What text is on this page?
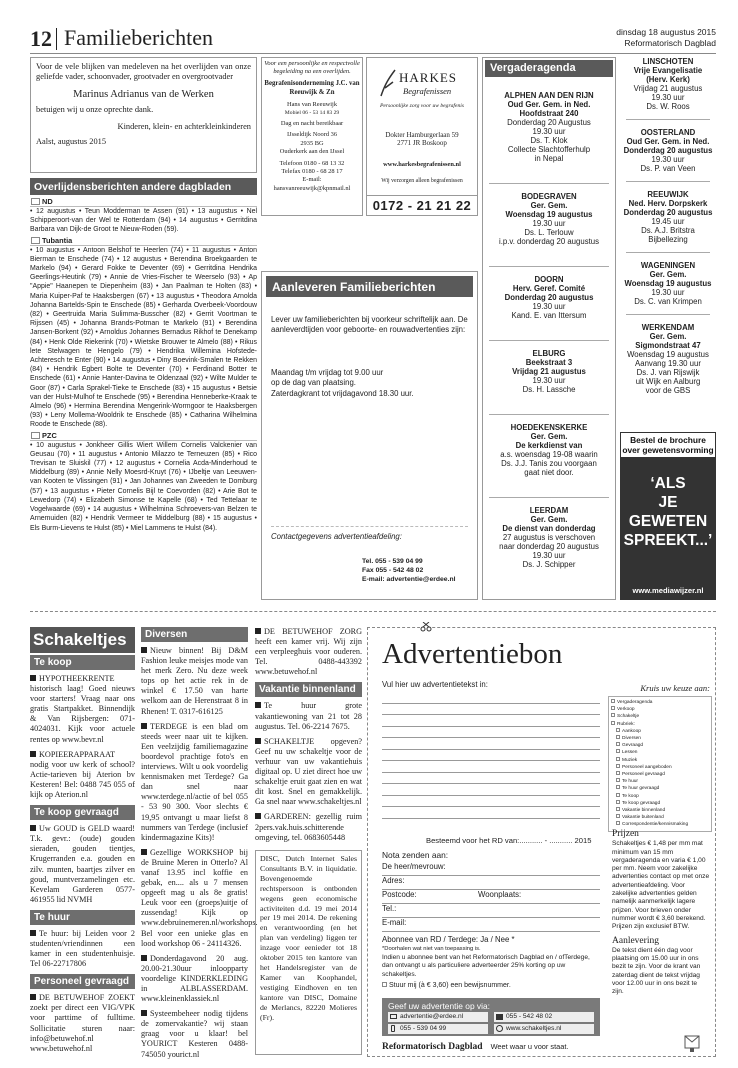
12 Familieberichten	dinsdag 18 augustus 2015
Reformatorisch Dagblad
Voor de vele blijken van medeleven na het overlijden van onze geliefde vader, schoonvader, grootvader en overgrootvader
Marinus Adrianus van de Werken
betuigen wij u onze oprechte dank.
Kinderen, klein- en achterkleinkinderen
Aalst, augustus 2015
Voor een persoonlijke en respectvolle begeleiding na een overlijden.
Begrafenisonderneming J.C. van Reeuwijk & Zn
Hans van Reeuwijk
Mobiel 06 - 53 14 83 29
Dag en nacht bereikbaar
IJsseldijk Noord 36
2935 BG
Ouderkerk aan den IJssel
Telefoon 0180 - 68 13 32
Telefax 0180 - 68 28 17
E-mail:
hansvanreeuwijk@kpnmail.nl
HARKES
Begrafenissen
Persoonlijke zorg voor uw begrafenis
Dokter Hamburgerlaan 59
2771 JR Boskoop
www.harkesbegrafenissen.nl
Wij verzorgen alleen begrafenissen
0172 - 21 21 22
Overlijdensberichten andere dagbladen
ND
• 12 augustus • Teun Modderman te Assen (91) • 13 augustus • Nel Schipperoort-van der Wel te Rotterdam (94) • 14 augustus • Gerritdina Barbara van Dijk-de Groot te Nieuw-Roden (59).
Tubantia
• 10 augustus • Antoon Belshof te Heerlen (74) • 11 augustus • Anton Bierman te Enschede (74) • 12 augustus • Berendina Broekgaarden te Markelo (94) • Gerard Fokke te Deventer (69) • Gerritdina Hendrika Geerlings-Heutink (79) • Annie de Vries-Fischer te Weerselo (93) • Ap "Appie" Haanepen te Diepenheim (83) • Jan Paalman te Holten (83) • Maria Kuiper-Paf te Haaksbergen (67) • 13 augustus • Theodora Arnolda Johanna Bartelds-Spin te Enschede (85) • Gerharda Overbeek-Voordouw (82) • Geertruida Maria Sulimma-Busscher (82) • Gerrit Voortman te Rijssen (45) • Johanna Brands-Potman te Markelo (91) • Berendina Jansen-Borkent (92) • Arnoldus Johannes Bernadus Rikhof te Denekamp (84) • Henk Olde Riekerink (70) • Wietske Brouwer te Almelo (88) • Rikus lete Stelwagen te Hengelo (79) • Hendrika Willemina Hofstede-Achteresch te Enter (90) • 14 augustus • Diny Boevink-Smalen te Rekken (84) • Hendrik Egbert Bolte te Deventer (70) • Ferdinand Botter te Enschede (61) • Annie Hanter-Davina te Oldenzaal (92) • Wilte Mulder te Goor (87) • Carla Sprakel-Tieke te Enschede (83) • 15 augustus • Betsie van der Hulst-Mulhof te Enschede (95) • Berendina Henneberke-Kraak te Almelo (96) • Hermina Berendina Mengerink-Wormgoor te Haaksbergen (93) • Leny Mollema-Wooldrik te Enschede (85) • Catharina Wilhelmina Roode te Enschede (88).
PZC
• 10 augustus • Jonkheer Gillis Wiert Willem Cornelis Valckenier van Geusau (70) • 11 augustus • Antonio Milazzo te Terneuzen (85) • Rico Trevisan te Sluiskil (77) • 12 augustus • Cornelia Acda-Minderhoud te Middelburg (89) • Annie Nelly Moesrd-Kruyt (76) • IJbeltje van Leeuwen-van Kooten te Vlissingen (91) • Jan Johannes van Zweeden te Domburg (57) • 13 augustus • Pieter Cornelis Bijl te Coevorden (82) • Arie Bot te Lewedorp (74) • Elizabeth Simonse te Kapelle (68) • Ted Tettelaar te Vogelwaarde (69) • 14 augustus • Wilhelmina Schroevers-van Belzen te Arnemuiden (82) • Hendrik Vermeer te Middelburg (88) • 15 augustus • Els Burm-Lievens te Hulst (85) • Miel Lammens te Hulst (84).
Aanleveren Familieberichten
Lever uw familieberichten bij voorkeur schriftelijk aan. De aanleverdtijden voor geboorte- en rouwadvertenties zijn:
Maandag t/m vrijdag tot 9.00 uur
op de dag van plaatsing.
Zaterdagkrant tot vrijdagavond 18.30 uur.
Contactgegevens advertentieafdeling:
Tel. 055 - 539 04 99
Fax 055 - 542 48 02
E-mail: advertentie@erdee.nl
Vergaderagenda
ALPHEN AAN DEN RIJN
Oud Ger. Gem. in Ned.
Hoofdstraat 240
Donderdag 20 Augustus
19.30 uur
Ds. T. Klok
Collecte Slachtofferhulp
in Nepal
BODEGRAVEN
Ger. Gem.
Woensdag 19 augustus
19.30 uur
Ds. L. Terlouw
i.p.v. donderdag 20 augustus
DOORN
Herv. Geref. Comité
Donderdag 20 augustus
19.30 uur
Kand. E. van Ittersum
ELBURG
Beekstraat 3
Vrijdag 21 augustus
19.30 uur
Ds. H. Lassche
HOEDEKENSKERKE
Ger. Gem.
De kerkdienst van
a.s. woensdag 19-08 waarin
Ds. J.J. Tanis zou voorgaan
gaat niet door.
LEERDAM
Ger. Gem.
De dienst van donderdag
27 augustus is verschoven
naar donderdag 20 augustus
19.30 uur
Ds. J. Schipper
LINSCHOTEN
Vrije Evangelisatie
(Herv. Kerk)
Vrijdag 21 augustus
19.30 uur
Ds. W. Roos
OOSTERLAND
Oud Ger. Gem. in Ned.
Donderdag 20 augustus
19.30 uur
Ds. P. van Veen
REEUWIJK
Ned. Herv. Dorpskerk
Donderdag 20 augustus
19.45 uur
Ds. A.J. Britstra
Bijbellezing
WAGENINGEN
Ger. Gem.
Woensdag 19 augustus
19.30 uur
Ds. C. van Krimpen
WERKENDAM
Ger. Gem.
Sigmondstraat 47
Woensdag 19 augustus
Aanvang 19.30 uur
Ds. J. van Rijswijk
uit Wijk en Aalburg
voor de GBS
Bestel de brochure
over gewetensvorming
‘ALS
JE
GEWETEN
SPREEKT...’
www.mediawijzer.nl
Schakeltjes
Te koop
HYPOTHEEKRENTE historisch laag! Goed nieuws voor starters! Vraag naar ons gratis Startpakket. Binnendijk & Van Rijsbergen: 071-4024031. Kijk voor actuele rentes op www.bevr.nl
KOPIEERAPPARAAT nodig voor uw kerk of school? Actie-tarieven bij Aterion bv Kesteren! Bel: 0488 745 055 of kijk op Aterion.nl
Te koop gevraagd
Uw GOUD is GELD waard! T.k. gevr.: (oude) gouden sieraden, gouden tientjes, Krugerranden e.a. gouden en zilv. munten, baartjes zilver en goud, muntverzamelingen etc. Kevelam Garderen 0577-461955 lid NVMH
Te huur
Te huur: bij Leiden voor 2 studenten/vriendinnen een kamer in een studentenhuisje. Tel 06-22717806
Personeel gevraagd
DE BETUWEHOF ZOEKT zoekt per direct een VIG/VPK voor parttime of fulltime. Sollicitatie sturen naar: info@betuwehof.nl www.betuwehof.nl
Diversen
Nieuw binnen! Bij D&M Fashion leuke meisjes mode van het merk Zero. Nu deze week tops op het actie rek in de winkel € 17.50 van harte welkom aan de Herenstraat 8 in Rhenen! T. 0317-616125
TERDEGE is een blad om steeds weer naar uit te kijken. Een veelzijdig familiemagazine boordevol prachtige foto's en interviews. Wilt u ook voordelig kennismaken met Terdege? Ga dan snel naar www.terdege.nl/actie of bel 055 - 53 90 300. Voor slechts € 19,95 ontvangt u maar liefst 8 nummers van Terdege (inclusief kindermagazine Kits)!
Gezellige WORKSHOP bij de Bruine Meren in Otterlo? Al vanaf 13.95 incl koffie en gebak, en.... als u 7 mensen opgeeft mag u als 8e gratis! Leuk voor een (groeps)uitje of zussendag! Kijk op www.debruinemeren.nl/workshops. Bel voor een unieke glas en lood workshop 06 - 24114326.
Donderdagavond 20 aug. 20.00-21.30uur inloopparty voordelige KINDERKLEDING in ALBLASSERDAM. www.kleinenklassiek.nl
Systeembeheer nodig tijdens de zomervakantie? wij staan graag voor u klaar! bel YOURICT Kesteren 0488-745050 yourict.nl
DE BETUWEHOF ZORG heeft een kamer vrij. Wij zijn een verpleeghuis voor ouderen. Tel. 0488-443392 www.betuwehof.nl
Vakantie binnenland
Te huur grote vakantiewoning van 21 tot 28 augustus. Tel. 06-2214 7675.
SCHAKELTJE opgeven? Geef nu uw schakeltje voor de verhuur van uw vakantiehuis digitaal op. U ziet direct hoe uw schakeltje eruit gaat zien en wat dit kost. Snel en gemakkelijk. Ga snel naar www.schakeltjes.nl
GARDEREN: gezellig ruim 2pers.vak.huis.schitterende omgeving, tel. 0683605448
DISC, Dutch Internet Sales Consultants B.V. in liquidatie. Bovengenoemde rechtspersoon is ontbonden wegens geen economische activiteiten d.d. 19 mei 2014 per 19 mei 2014. De rekening en verantwoording (en het plan van verdeling) liggen ter inzage voor eenieder tot 18 oktober 2015 ten kantore van het Handelsregister van de Kamer van Koophandel, vestiging Eindhoven en ten kantore van DISC, Domaine de Merlancs, 82220 Molieres (Fr).
Advertentiebon
Vul hier uw advertentietekst in:	Kruis uw keuze aan:
Vergaderagenda
Verkoop
Schakeltje
Rubriek:
Aankoop
Diversen
Gevraagd
Lessen
Muziek
Personeel aangeboden
Personeel gevraagd
Te huur
Te huur gevraagd
Te koop
Te koop gevraagd
Vakantie binnenland
Vakantie buitenland
Correspondentie/kennismaking
Besteemd voor het RD van:........... - ........... 2015
Nota zenden aan:
De heer/mevrouw:
Adres:
Postcode:	Woonplaats:
Tel.:
E-mail:
Abonnee van RD / Terdege: Ja / Nee *
*Doorhalen wat niet van toepassing is.
Indien u abonnee bent van het Reformatorisch Dagblad en / ofTerdege, dan ontvangt u als particuliere adverteerder 25% korting op uw schakeltjes.
Stuur mij (à € 3,60) een bewijsnummer.
Geef uw advertentie op via:
advertentie@erdee.nl	055 - 542 48 02
055 - 539 04 99	www.schakeltjes.nl
Reformatorisch Dagblad Weet waar u voor staat.
Prijzen
Schakeltjes € 1,48 per mm mat minimum van 15 mm vergaderagenda en varia € 1,00 per mm. Neem voor zakelijke advertenties contact op met onze advertentieafdeling. Voor zakelijke advertenties gelden namelijk aanmerkelijk lagere prijzen. Voor brieven onder nummer wordt € 3,60 berekend. Prijzen zijn exclusief BTW.
Aanlevering
De tekst dient één dag voor plaatsing om 15.00 uur in ons bezit te zijn. Voor de krant van zaterdag dient de tekst vrijdag voor 12.00 uur in ons bezit te zijn.
